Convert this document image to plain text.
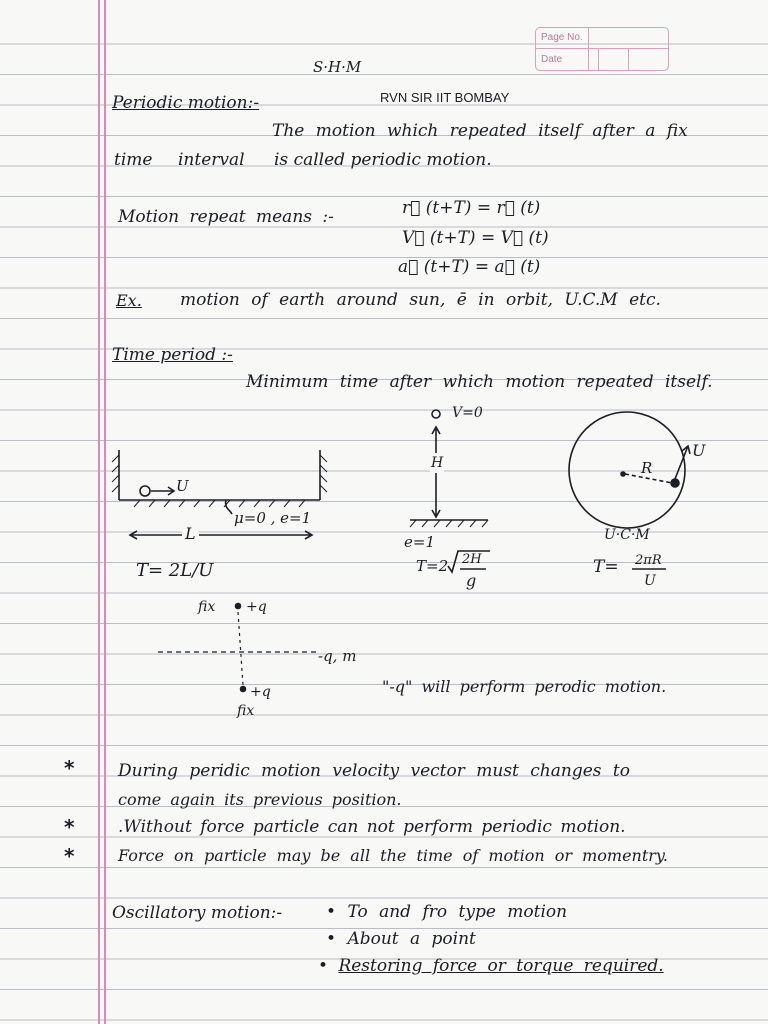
Page No.
Date
S·H·M
RVN SIR IIT BOMBAY
Periodic motion:-
The motion which repeated itself after a fix
time interval is called periodic motion.
Motion repeat means :-	r⃗ (t+T) = r⃗ (t)
V⃗ (t+T) = V⃗ (t)
a⃗ (t+T) = a⃗ (t)
Ex. motion of earth around sun, ē in orbit, U.C.M etc.
Time period :-
Minimum time after which motion repeated itself.
U
μ=0 , e=1
L
T= 2L/U
V=0
H
e=1
T=2 2H
g
U
R
U·C·M
T= 2πR
U
fix +q
-q, m
+q
fix
"-q" will perform perodic motion.
*	During peridic motion velocity vector must changes to
come again its previous position.
*	.Without force particle can not perform periodic motion.
*	Force on particle may be all the time of motion or momentry.
Oscillatory motion:-	• To and fro type motion
• About a point
• Restoring force or torque required.
